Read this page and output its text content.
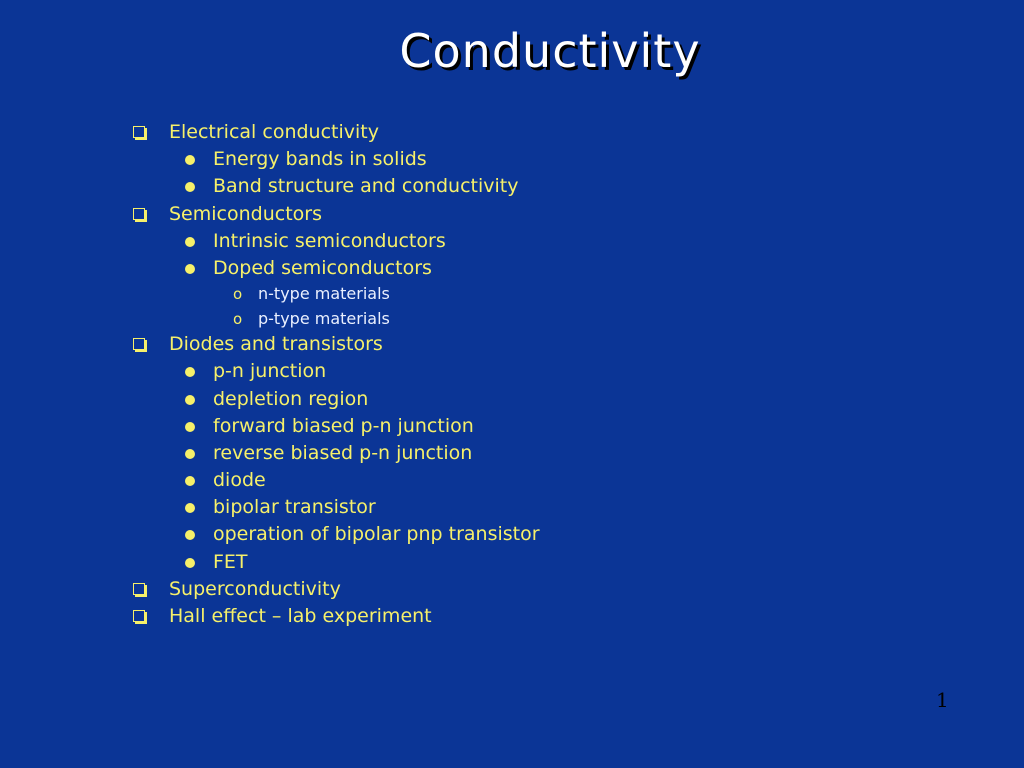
Conductivity
Electrical conductivity
Energy bands in solids
Band structure and conductivity
Semiconductors
Intrinsic semiconductors
Doped semiconductors
o n-type materials
o p-type materials
Diodes and transistors
p-n junction
depletion region
forward biased p-n junction
reverse biased p-n junction
diode
bipolar transistor
operation of bipolar pnp transistor
FET
Superconductivity
Hall effect – lab experiment
1
